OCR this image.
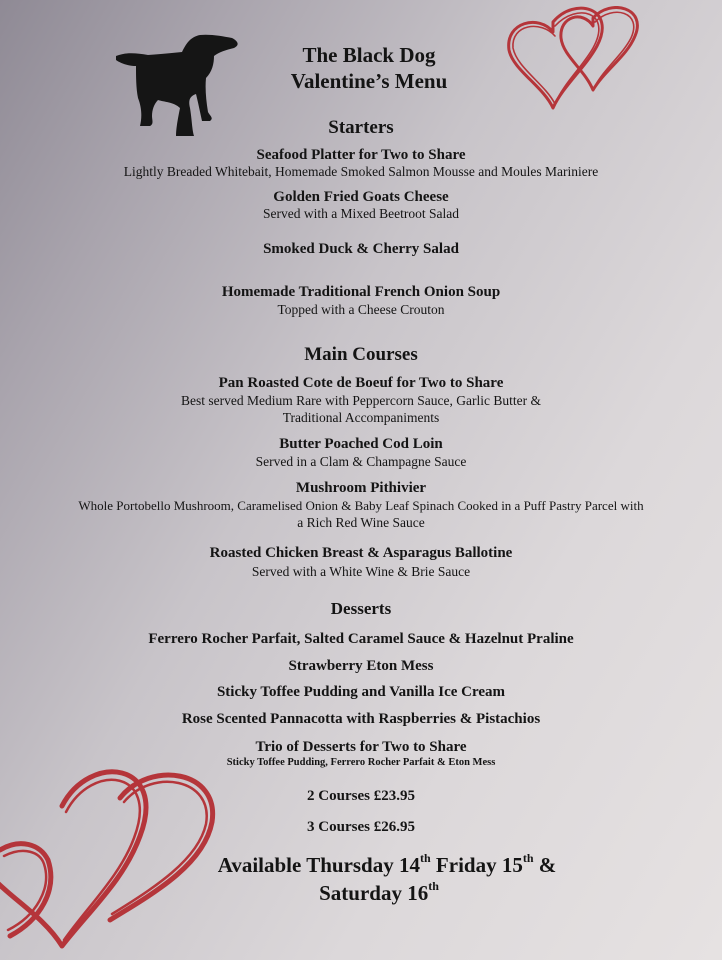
The Black Dog
Valentine’s Menu
Starters
Seafood Platter for Two to Share
Lightly Breaded Whitebait, Homemade Smoked Salmon Mousse and Moules Mariniere
Golden Fried Goats Cheese
Served with a Mixed Beetroot Salad
Smoked Duck & Cherry Salad
Homemade Traditional French Onion Soup
Topped with a Cheese Crouton
Main Courses
Pan Roasted Cote de Boeuf for Two to Share
Best served Medium Rare with Peppercorn Sauce, Garlic Butter &
Traditional Accompaniments
Butter Poached Cod Loin
Served in a Clam & Champagne Sauce
Mushroom Pithivier
Whole Portobello Mushroom, Caramelised Onion & Baby Leaf Spinach Cooked in a Puff Pastry Parcel with
a Rich Red Wine Sauce
Roasted Chicken Breast & Asparagus Ballotine
Served with a White Wine & Brie Sauce
Desserts
Ferrero Rocher Parfait, Salted Caramel Sauce & Hazelnut Praline
Strawberry Eton Mess
Sticky Toffee Pudding and Vanilla Ice Cream
Rose Scented Pannacotta with Raspberries & Pistachios
Trio of Desserts for Two to Share
Sticky Toffee Pudding, Ferrero Rocher Parfait & Eton Mess
2 Courses £23.95
3 Courses £26.95
Available Thursday 14th Friday 15th &
Saturday 16th
